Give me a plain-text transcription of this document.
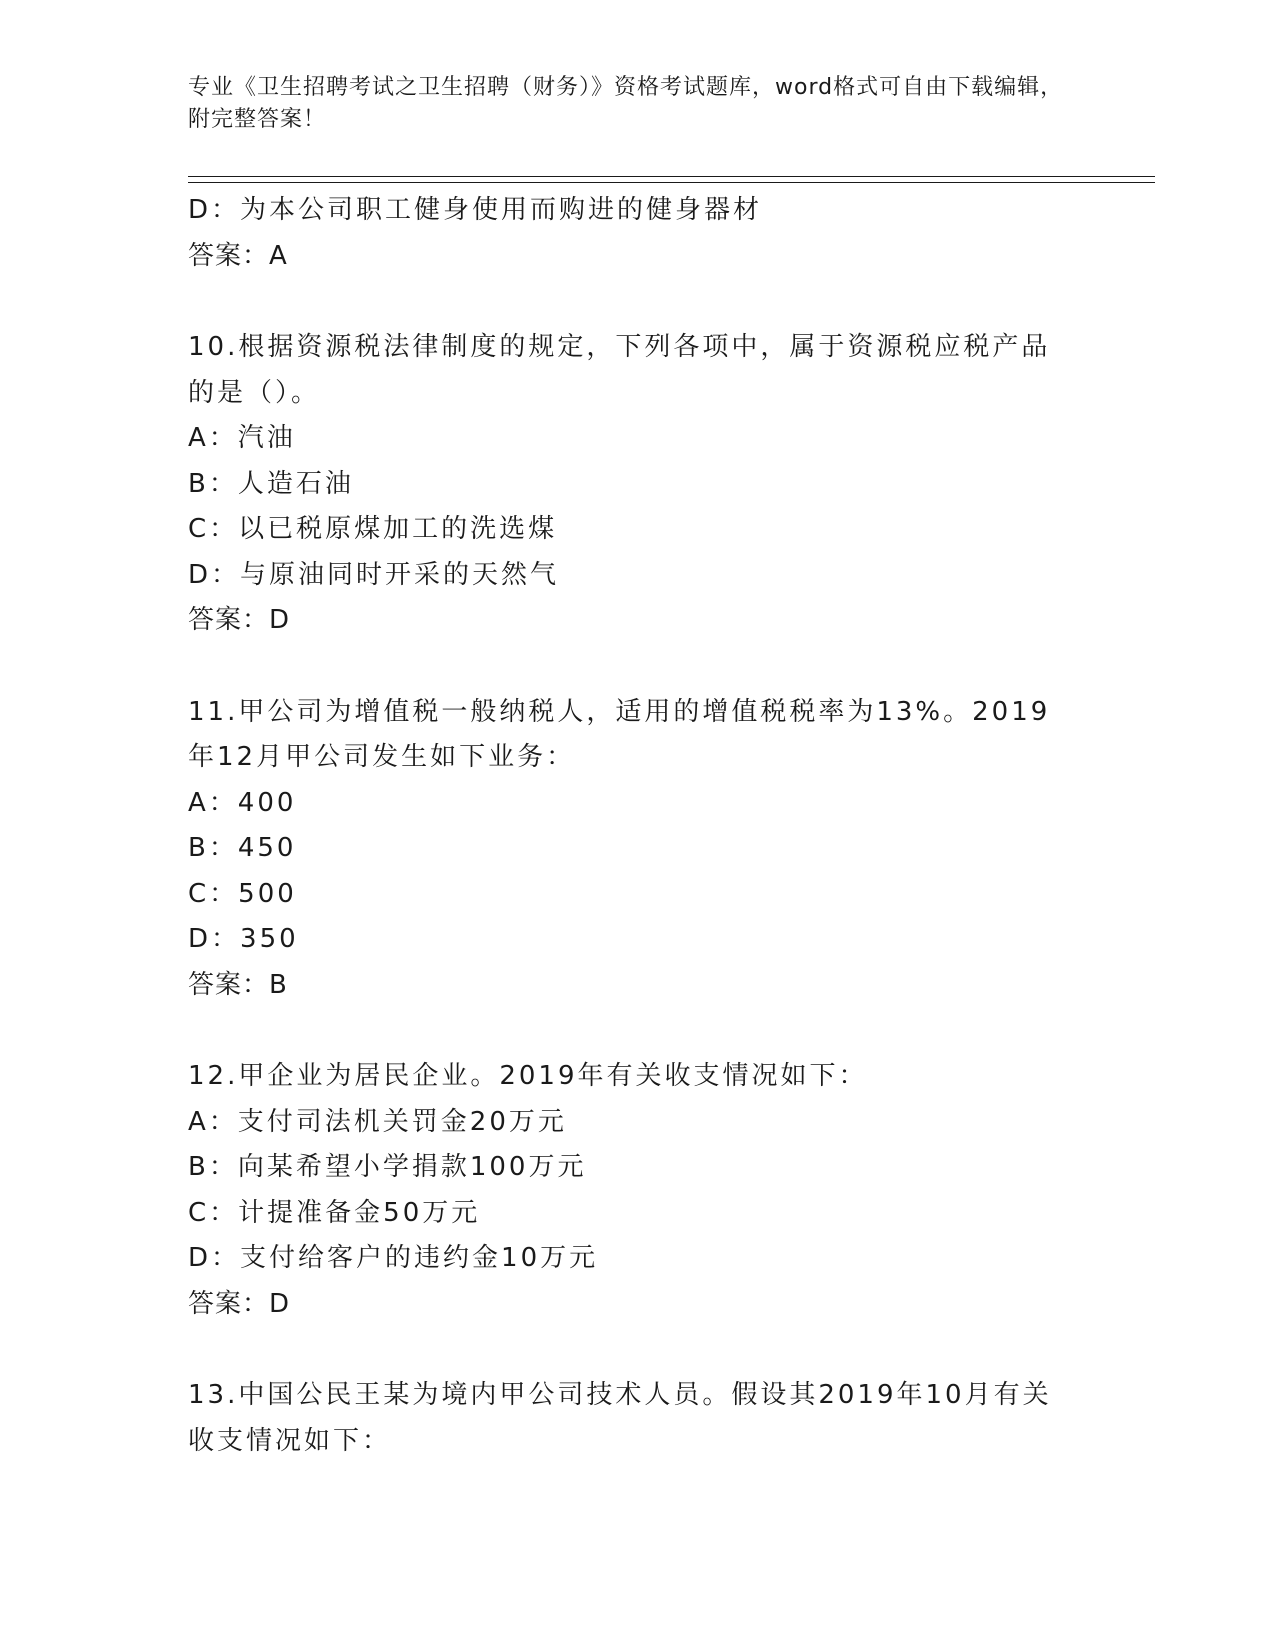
专业《卫生招聘考试之卫生招聘（财务）》资格考试题库，word格式可自由下载编辑，附完整答案！
D：为本公司职工健身使用而购进的健身器材
答案：A
10.根据资源税法律制度的规定，下列各项中，属于资源税应税产品的是（）。
A：汽油
B：人造石油
C：以已税原煤加工的洗选煤
D：与原油同时开采的天然气
答案：D
11.甲公司为增值税一般纳税人，适用的增值税税率为13%。2019年12月甲公司发生如下业务：
A：400
B：450
C：500
D：350
答案：B
12.甲企业为居民企业。2019年有关收支情况如下：
A：支付司法机关罚金20万元
B：向某希望小学捐款100万元
C：计提准备金50万元
D：支付给客户的违约金10万元
答案：D
13.中国公民王某为境内甲公司技术人员。假设其2019年10月有关收支情况如下：
